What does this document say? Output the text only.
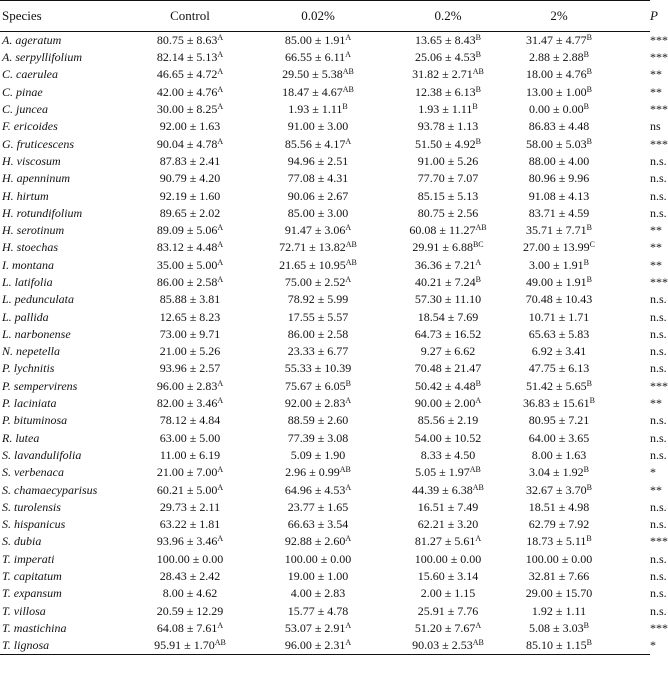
Species	Control	0.02%	0.2%	2%		P
A. ageratum	$80.75 \pm 8.63^A$	$85.00 \pm 1.91^A$	$13.65 \pm 8.43^B$	$31.47 \pm 4.77^B$		***
A. serpyllifolium	$82.14 \pm 5.13^A$	$66.55 \pm 6.11^A$	$25.06 \pm 4.53^B$	$2.88 \pm 2.88^B$		***
C. caerulea	$46.65 \pm 4.72^A$	$29.50 \pm 5.38^{AB}$	$31.82 \pm 2.71^{AB}$	$18.00 \pm 4.76^B$		**
C. pinae	$42.00 \pm 4.76^A$	$18.47 \pm 4.67^{AB}$	$12.38 \pm 6.13^B$	$13.00 \pm 1.00^B$		**
C. juncea	$30.00 \pm 8.25^A$	$1.93 \pm 1.11^B$	$1.93 \pm 1.11^B$	$0.00 \pm 0.00^B$		***
F. ericoides	92.00 ± 1.63	91.00 ± 3.00	93.78 ± 1.13	86.83 ± 4.48		ns
G. fruticescens	$90.04 \pm 4.78^A$	$85.56 \pm 4.17^A$	$51.50 \pm 4.92^B$	$58.00 \pm 5.03^B$		***
H. viscosum	87.83 ± 2.41	94.96 ± 2.51	91.00 ± 5.26	88.00 ± 4.00		n.s.
H. apenninum	90.79 ± 4.20	77.08 ± 4.31	77.70 ± 7.07	80.96 ± 9.96		n.s.
H. hirtum	92.19 ± 1.60	90.06 ± 2.67	85.15 ± 5.13	91.08 ± 4.13		n.s.
H. rotundifolium	89.65 ± 2.02	85.00 ± 3.00	80.75 ± 2.56	83.71 ± 4.59		n.s.
H. serotinum	$89.09 \pm 5.06^A$	$91.47 \pm 3.06^A$	$60.08 \pm 11.27^{AB}$	$35.71 \pm 7.71^B$		**
H. stoechas	$83.12 \pm 4.48^A$	$72.71 \pm 13.82^{AB}$	$29.91 \pm 6.88^{BC}$	$27.00 \pm 13.99^C$		**
I. montana	$35.00 \pm 5.00^A$	$21.65 \pm 10.95^{AB}$	$36.36 \pm 7.21^A$	$3.00 \pm 1.91^B$		**
L. latifolia	$86.00 \pm 2.58^A$	$75.00 \pm 2.52^A$	$40.21 \pm 7.24^B$	$49.00 \pm 1.91^B$		***
L. pedunculata	85.88 ± 3.81	78.92 ± 5.99	57.30 ± 11.10	70.48 ± 10.43		n.s.
L. pallida	12.65 ± 8.23	17.55 ± 5.57	18.54 ± 7.69	10.71 ± 1.71		n.s.
L. narbonense	73.00 ± 9.71	86.00 ± 2.58	64.73 ± 16.52	65.63 ± 5.83		n.s.
N. nepetella	21.00 ± 5.26	23.33 ± 6.77	9.27 ± 6.62	6.92 ± 3.41		n.s.
P. lychnitis	93.96 ± 2.57	55.33 ± 10.39	70.48 ± 21.47	47.75 ± 6.13		n.s.
P. sempervirens	$96.00 \pm 2.83^A$	$75.67 \pm 6.05^B$	$50.42 \pm 4.48^B$	$51.42 \pm 5.65^B$		***
P. laciniata	$82.00 \pm 3.46^A$	$92.00 \pm 2.83^A$	$90.00 \pm 2.00^A$	$36.83 \pm 15.61^B$		**
P. bituminosa	78.12 ± 4.84	88.59 ± 2.60	85.56 ± 2.19	80.95 ± 7.21		n.s.
R. lutea	63.00 ± 5.00	77.39 ± 3.08	54.00 ± 10.52	64.00 ± 3.65		n.s.
S. lavandulifolia	11.00 ± 6.19	5.09 ± 1.90	8.33 ± 4.50	8.00 ± 1.63		n.s.
S. verbenaca	$21.00 \pm 7.00^A$	$2.96 \pm 0.99^{AB}$	$5.05 \pm 1.97^{AB}$	$3.04 \pm 1.92^B$		*
S. chamaecyparisus	$60.21 \pm 5.00^A$	$64.96 \pm 4.53^A$	$44.39 \pm 6.38^{AB}$	$32.67 \pm 3.70^B$		**
S. turolensis	29.73 ± 2.11	23.77 ± 1.65	16.51 ± 7.49	18.51 ± 4.98		n.s.
S. hispanicus	63.22 ± 1.81	66.63 ± 3.54	62.21 ± 3.20	62.79 ± 7.92		n.s.
S. dubia	$93.96 \pm 3.46^A$	$92.88 \pm 2.60^A$	$81.27 \pm 5.61^A$	$18.73 \pm 5.11^B$		***
T. imperati	100.00 ± 0.00	100.00 ± 0.00	100.00 ± 0.00	100.00 ± 0.00		n.s.
T. capitatum	28.43 ± 2.42	19.00 ± 1.00	15.60 ± 3.14	32.81 ± 7.66		n.s.
T. expansum	8.00 ± 4.62	4.00 ± 2.83	2.00 ± 1.15	29.00 ± 15.70		n.s.
T. villosa	20.59 ± 12.29	15.77 ± 4.78	25.91 ± 7.76	1.92 ± 1.11		n.s.
T. mastichina	$64.08 \pm 7.61^A$	$53.07 \pm 2.91^A$	$51.20 \pm 7.67^A$	$5.08 \pm 3.03^B$		***
T. lignosa	$95.91 \pm 1.70^{AB}$	$96.00 \pm 2.31^A$	$90.03 \pm 2.53^{AB}$	$85.10 \pm 1.15^B$		*
